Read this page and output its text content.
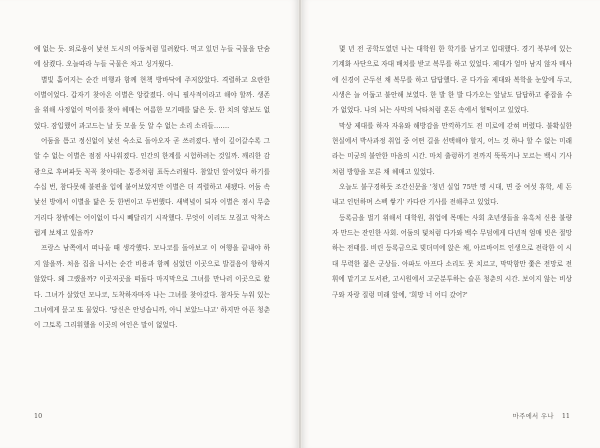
예 없는 듯. 외로움이 낯선 도시의 어둠처럼 밀려왔다. 먹고 있던 누들 국물을 단숨에 삼켰다. 오늘따라 누들 국물은 차고 싱거웠다.

별빛 흩어지는 순간 비행과 함께 현책 방바닥에 주저앉았다. 격렬하고 요란한 이별이었다. 갑자기 찾아온 이별은 앙칼졌다. 아니 필사적이라고 해야 할까. 생존을 위해 사정없이 먹이를 찾아 헤매는 여름한 모기떼를 닮은 듯. 한 치의 양보도 없었다. 잠입했어 과고드는 날 듯 모을 듯 알 수 없는 소리 소리들…….

어둠을 틈고 정신없이 낯선 숙소로 돌아오자 곧 쓰러졌다. 밤이 깊어갈수록 그 알 수 없는 이별은 점점 사나워졌다. 인간의 한계를 시험하려는 것일까. 깨리한 감광으로 후벼파듯 꼭꼭 찾아대는 통증처럼 표독스러웠다. 참았던 앞이었다 하기를 수십 번, 참다못해 불편을 입에 붙어보았지만 이별은 더 격렬하고 새됐다. 어둠 속 낯선 방에서 이별을 닮은 듯 한번이고 두번했다. 새벽녘이 되자 이별은 점시 무춤거리다 창밖에는 어이없이 다시 빼달리기 시작했다. 무엇이 이리도 모질고 악착스럽게 보채고 있을까?

프랑스 남쪽에서 떠나올 때 생각했다. 모나코를 돌아보고 이 여행을 끝내야 하지 않을까. 처음 집을 나서는 순간 비용과 함께 심었던 이곳으로 발걸음이 향하지 않았다. 왜 그랬을까? 이곳저곳을 떠돌다 마지막으로 그녀를 만나러 이곳으로 왔다. 그녀가 살았던 모나코, 도착하자마자 나는 그녀를 찾아갔다. 참자듯 누워 있는 그녀에게 묻고 또 물었다. '당신은 안녕습니까, 아니 보았느냐고' 하지만 아픈 청춘이 그토록 그리워했을 이곳의 여인은 말이 없었다.

10

몇 년 전 공학도였던 나는 대학원 한 학기를 남기고 입대했다. 경기 북부에 있는 기계화 사단으로 자대 배치를 받고 복무를 하고 있었다. 제대가 얼마 남지 않자 매사에 신경이 곤두선 채 복무를 하고 답답했다. 곧 다가올 제대와 복학을 눈앞에 두고, 시생은 늘 어둡고 불안해 보였다. 한 발 한 발 다가오는 앞날도 답답하고 좋잡을 수가 없었다. 나의 뇌는 사막의 낙타처럼 혼돈 속에서 헐떡이고 있었다.

막상 제대를 하자 자유와 해방감을 만끽하기도 전 미로에 갇혀 버렸다. 불확실한 현실에서 박사과정 취업 중 어떤 길을 선택해야 할지, 어느 것 하나 할 수 없는 미래라는 미궁의 불안한 마음의 시간. 마치 출렁하기 전까지 뚝뚝거나 모르는 백시 기사처럼 방향을 모른 채 헤매고 있었다.

오늘도 불구경하듯 조간신문을 '청년 실업 75만 명 시대, 면 중 여섯 휴학, 세 돈 내고 인턴하며 스펙 쌓기' 카다란 기사를 전해주고 있었다.

등록금을 벌기 위해서 대학원, 취업에 목매는 사회 초년생들을 유흑처 신용 불량자 만드는 잔인한 사회. 어둠의 덫처럼 다가와 백수 무덤에게 다년적 엄매 빗은 절망하는 전태를. 비린 등록금으로 빚더미에 앉은 채, 아르바이트 인생으로 전락한 이 시대 무력한 젊은 군상들. 아파도 아프다 소리도 못 치르고, 막막함만 쫓은 전망로 전휘에 맡기고 도서관, 고시원에서 고군분투하는 슬픈 청춘의 시간. 보이지 않는 비상구와 자랑 질렁 미래 앞에, '희망 너 어디 갔어?'

마주에서 우나 11
